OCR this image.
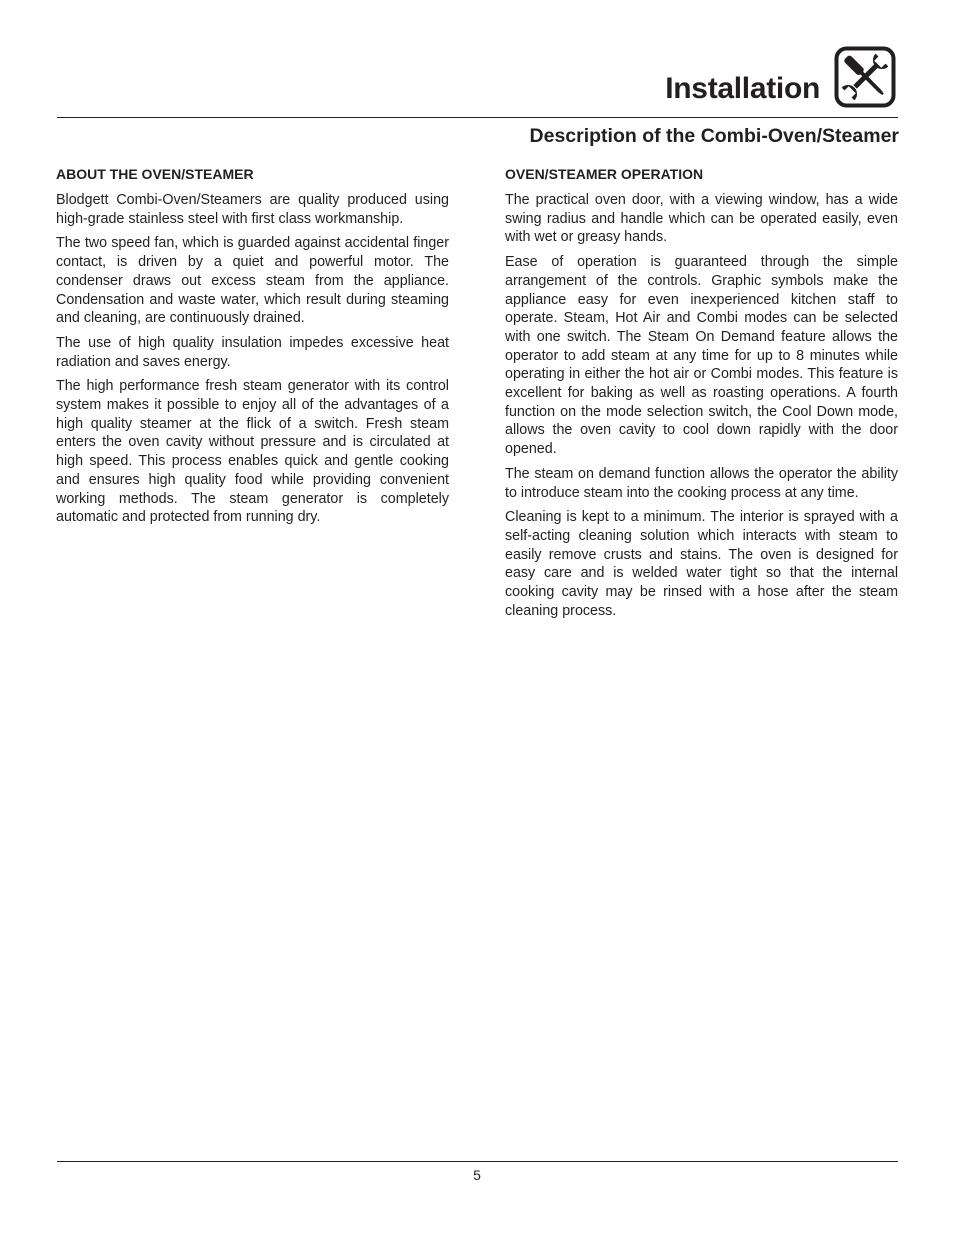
Installation
Description of the Combi-Oven/Steamer
ABOUT THE OVEN/STEAMER

Blodgett Combi-Oven/Steamers are quality produced using high-grade stainless steel with first class workmanship.

The two speed fan, which is guarded against accidental finger contact, is driven by a quiet and powerful motor. The condenser draws out excess steam from the appliance. Condensation and waste water, which result during steaming and cleaning, are continuously drained.

The use of high quality insulation impedes excessive heat radiation and saves energy.

The high performance fresh steam generator with its control system makes it possible to enjoy all of the advantages of a high quality steamer at the flick of a switch. Fresh steam enters the oven cavity without pressure and is circulated at high speed. This process enables quick and gentle cooking and ensures high quality food while providing convenient working methods. The steam generator is completely automatic and protected from running dry.

OVEN/STEAMER OPERATION

The practical oven door, with a viewing window, has a wide swing radius and handle which can be operated easily, even with wet or greasy hands.

Ease of operation is guaranteed through the simple arrangement of the controls. Graphic symbols make the appliance easy for even inexperienced kitchen staff to operate. Steam, Hot Air and Combi modes can be selected with one switch. The Steam On Demand feature allows the operator to add steam at any time for up to 8 minutes while operating in either the hot air or Combi modes. This feature is excellent for baking as well as roasting operations. A fourth function on the mode selection switch, the Cool Down mode, allows the oven cavity to cool down rapidly with the door opened.

The steam on demand function allows the operator the ability to introduce steam into the cooking process at any time.

Cleaning is kept to a minimum. The interior is sprayed with a self-acting cleaning solution which interacts with steam to easily remove crusts and stains. The oven is designed for easy care and is welded water tight so that the internal cooking cavity may be rinsed with a hose after the steam cleaning process.

5
